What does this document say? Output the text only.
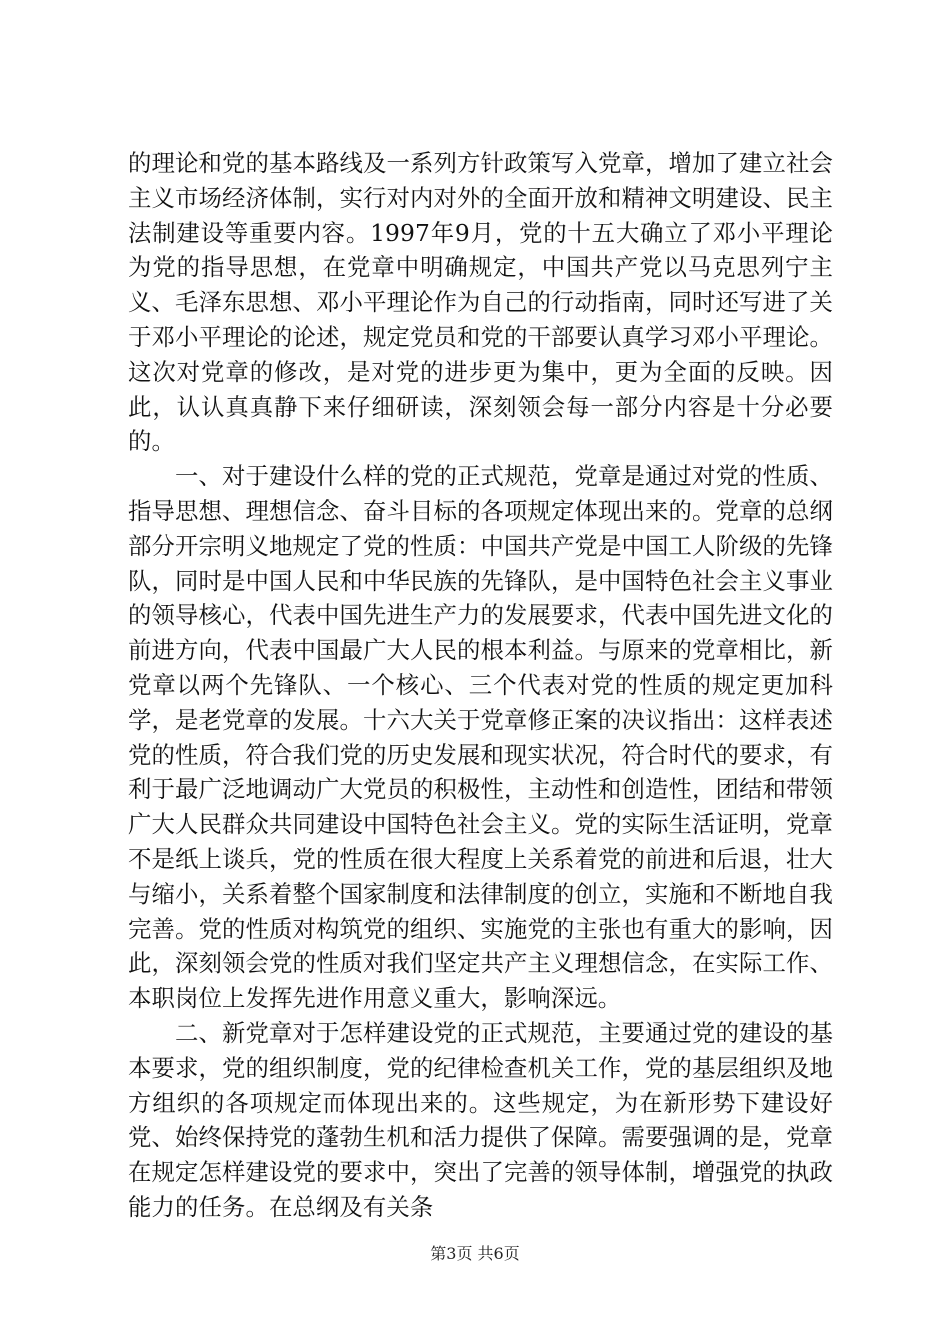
的理论和党的基本路线及一系列方针政策写入党章，增加了建立社会主义市场经济体制，实行对内对外的全面开放和精神文明建设、民主法制建设等重要内容。1997年9月，党的十五大确立了邓小平理论为党的指导思想，在党章中明确规定，中国共产党以马克思列宁主义、毛泽东思想、邓小平理论作为自己的行动指南，同时还写进了关于邓小平理论的论述，规定党员和党的干部要认真学习邓小平理论。这次对党章的修改，是对党的进步更为集中，更为全面的反映。因此，认认真真静下来仔细研读，深刻领会每一部分内容是十分必要的。

一、对于建设什么样的党的正式规范，党章是通过对党的性质、指导思想、理想信念、奋斗目标的各项规定体现出来的。党章的总纲部分开宗明义地规定了党的性质：中国共产党是中国工人阶级的先锋队，同时是中国人民和中华民族的先锋队，是中国特色社会主义事业的领导核心，代表中国先进生产力的发展要求，代表中国先进文化的前进方向，代表中国最广大人民的根本利益。与原来的党章相比，新党章以两个先锋队、一个核心、三个代表对党的性质的规定更加科学，是老党章的发展。十六大关于党章修正案的决议指出：这样表述党的性质，符合我们党的历史发展和现实状况，符合时代的要求，有利于最广泛地调动广大党员的积极性，主动性和创造性，团结和带领广大人民群众共同建设中国特色社会主义。党的实际生活证明，党章不是纸上谈兵，党的性质在很大程度上关系着党的前进和后退，壮大与缩小，关系着整个国家制度和法律制度的创立，实施和不断地自我完善。党的性质对构筑党的组织、实施党的主张也有重大的影响，因此，深刻领会党的性质对我们坚定共产主义理想信念，在实际工作、本职岗位上发挥先进作用意义重大，影响深远。

二、新党章对于怎样建设党的正式规范，主要通过党的建设的基本要求，党的组织制度，党的纪律检查机关工作，党的基层组织及地方组织的各项规定而体现出来的。这些规定，为在新形势下建设好党、始终保持党的蓬勃生机和活力提供了保障。需要强调的是，党章在规定怎样建设党的要求中，突出了完善的领导体制，增强党的执政能力的任务。在总纲及有关条

第3页 共6页
